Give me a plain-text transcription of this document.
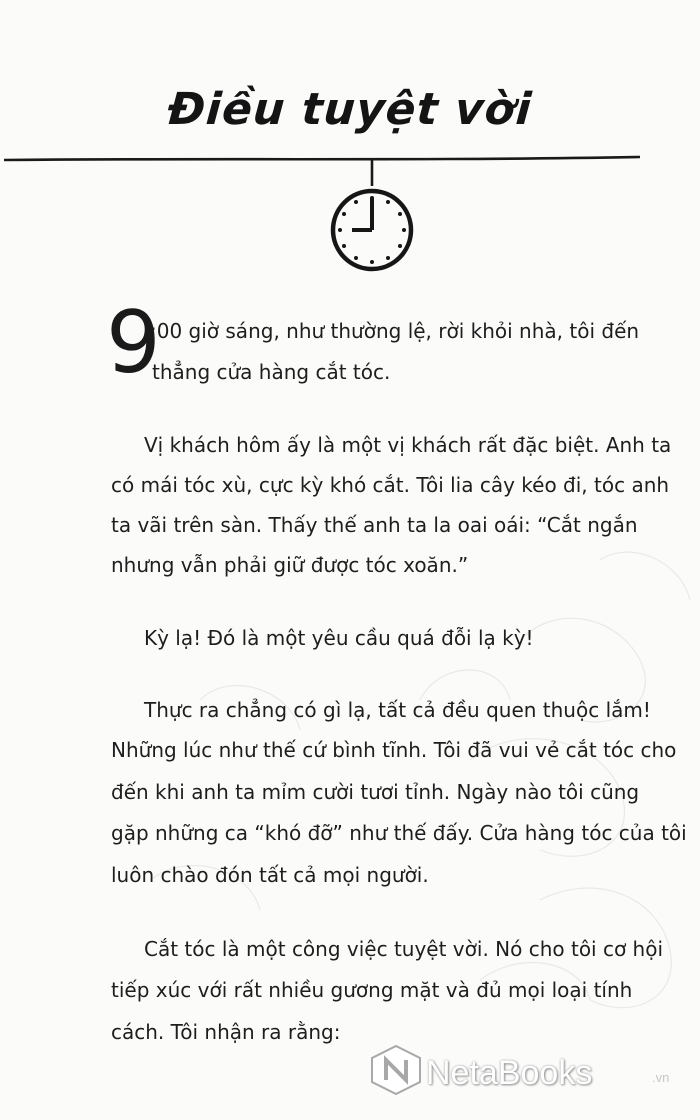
Điều tuyệt vời
9
:00 giờ sáng, như thường lệ, rời khỏi nhà, tôi đến
thẳng cửa hàng cắt tóc.
Vị khách hôm ấy là một vị khách rất đặc biệt. Anh ta
có mái tóc xù, cực kỳ khó cắt. Tôi lia cây kéo đi, tóc anh
ta vãi trên sàn. Thấy thế anh ta la oai oái: “Cắt ngắn
nhưng vẫn phải giữ được tóc xoăn.”
Kỳ lạ! Đó là một yêu cầu quá đỗi lạ kỳ!
Thực ra chẳng có gì lạ, tất cả đều quen thuộc lắm!
Những lúc như thế cứ bình tĩnh. Tôi đã vui vẻ cắt tóc cho
đến khi anh ta mỉm cười tươi tỉnh. Ngày nào tôi cũng
gặp những ca “khó đỡ” như thế đấy. Cửa hàng tóc của tôi
luôn chào đón tất cả mọi người.
Cắt tóc là một công việc tuyệt vời. Nó cho tôi cơ hội
tiếp xúc với rất nhiều gương mặt và đủ mọi loại tính
cách. Tôi nhận ra rằng:
NetaBooks	.vn
